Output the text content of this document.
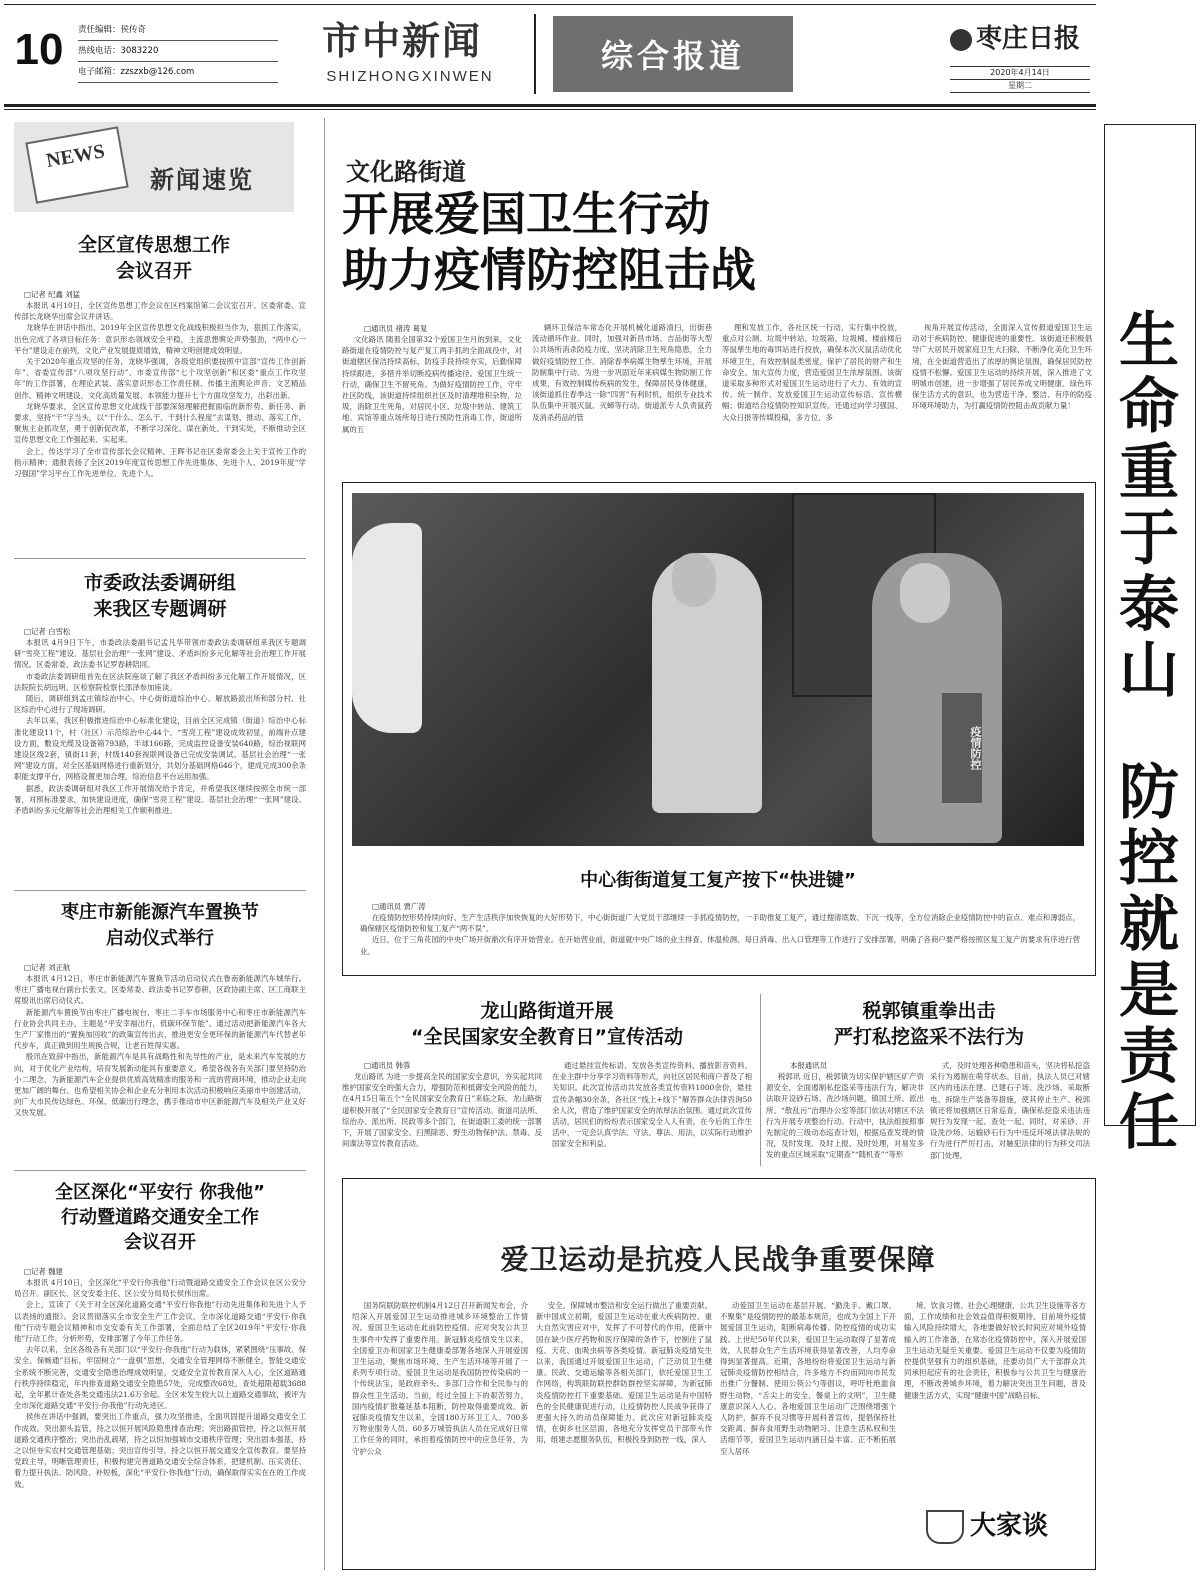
10	责任编辑：侯传奇
热线电话：3083220
电子邮箱：zzszxb@126.com
市中新闻
SHIZHONGXINWEN
综合报道	枣庄日报
2020年4月14日
星期二
NEWS
新闻速览
全区宣传思想工作
会议召开
□记者 纪鑫 刘猛

本报讯 4月10日，全区宣传思想工作会议在区档案馆第二会议室召开。区委常委、宣传部长龙晓华出席会议并讲话。

龙晓华在讲话中指出，2019年全区宣传思想文化战线积极担当作为，狠抓工作落实，出色完成了各项目标任务：意识形态领域安全平稳，主流思想舆论声势强劲，“两中心一平台”建设走在前列，文化产业发展提质增效，精神文明创建成效明显。

关于2020年重点攻坚的任务，龙晓华强调，各级党组织要按照中宣部“宣传工作创新年”、省委宣传部“八项攻坚行动”、市委宣传部“七个攻坚创新”和区委“重点工作攻坚年”的工作部署，在理论武装、落实意识形态工作责任制、传播主流舆论声音、文艺精品创作、精神文明建设、文化高质量发展、本领能力提升七个方面攻坚发力，出彩出新。

龙晓华要求，全区宣传思想文化战线干部要深刻理解把握面临的新形势、新任务、新要求，坚持“干”字当头，以“干什么、怎么干、干到什么程度”去谋划、推动、落实工作，聚焦主业抓攻坚，勇于创新促改革，不断学习深化、谋在新处、干到实处，不断推动全区宣传思想文化工作强起来、实起来。

会上，传达学习了全市宣传部长会议精神、王晖书记在区委常委会上关于宣传工作的指示精神；通报表扬了全区2019年度宣传思想工作先进集体、先进个人、2019年度“学习强国”学习平台工作先进单位、先进个人。

市委政法委调研组
来我区专题调研
□记者 白雪松

本报讯 4月9日下午，市委政法委副书记孟凡华带领市委政法委调研组来我区专题调研“雪亮工程”建设、基层社会治理“一张网”建设、矛盾纠纷多元化解等社会治理工作开展情况。区委常委、政法委书记罗春耕陪同。

市委政法委调研组首先在区法院座谈了解了我区矛盾纠纷多元化解工作开展情况，区法院院长胡远明、区检察院检察长邵泽参加座谈。

随后，调研组到孟庄镇综治中心、中心街街道综治中心、解放路派出所和部分村、社区综治中心进行了现场调研。

去年以来，我区积极推进综治中心标准化建设，目前全区完成镇（街道）综治中心标准化建设11个，村（社区）示范综治中心44个。“雪亮工程”建设成效初显，前端补点建设方面，數设光缆及设备箱793路，半球166路，完成监控设备安装640路，综治视联网建设区级2套，镇街11套，村级140套视联网设备已完成安装调试。基层社会治理“一张网”建设方面，对全区基础网格进行重新划分，共划分基础网格646个，建成完成300余条职能支撑平台，网格设置更加合理，综治信息平台运用加强。

据悉，政法委调研组对我区工作开展情况给予肯定，并希望我区继续按照全市统一部署，对照标准要求，加快建设进度，确保“雪亮工程”建设、基层社会治理“一张网”建设、矛盾纠纷多元化解等社会治理相关工作顺利推进。

枣庄市新能源汽车置换节
启动仪式举行
□记者 刘正航

本报讯 4月12日，枣庄市新能源汽车置换节活动启动仪式在鲁南新能源汽车城举行。枣庄广播电视台副台长张文，区委常委、政法委书记罗春耕，区政协副主席、区工商联主席殷讯出席启动仪式。

新能源汽车置换节由枣庄广播电视台、枣庄二手车市场服务中心和枣庄市新能源汽车行业协会共同主办，主题是“平安幸福出行，低碳环保节能”。通过活动把新能源汽车各大生产厂家推出的“置换加回收”的政策宣传出去，推进更安全更环保的新能源汽车代替老年代步车，真正做到用生规换合规，让老百姓得实惠。

殷讯在致辞中指出，新能源汽车是具有战略性和先导性的产业，是未来汽车发展的方向，对于优化产业结构，培育发展新动能具有重要意义。希望各级各有关部门要坚持防治小二理念，为新能源汽车企业提供优质高效精准的服务和一流的营商环境，推动企业走向更加广阔的舞台。也希望相关协会和企业充分利用本次活动积极响应美丽市中创建活动，向广大市民传达绿色、环保、低碳出行理念，携手推动市中区新能源汽车及相关产业又好又快发展。

全区深化“平安行 你我他”
行动暨道路交通安全工作
会议召开
□记者 魏建

本报讯 4月10日，全区深化“平安行你我他”行动暨道路交通安全工作会议在区公安分局召开。副区长、区交安委主任、区公安分局局长侯伟出席。

会上，宣读了《关于对全区深化道路交通“平安行你我他”行动先进集体和先进个人予以表扬的通报》。会议贯彻落实全市安全生产工作会议、全市深化道路交通“平安行·你我他”行动专题会议精神和市交安委有关工作部署，全面总结了全区2019年“平安行·你我他”行动工作，分析形势，安排部署了今年工作任务。

去年以来，全区各级各有关部门以“平安行·你我他”行动为载体，紧紧围绕“压事故、保安全、保畅通”目标，牢固树立“一盘棋”思想，交通安全管理网络不断健全，智能交通安全系统不断完善，交通安全隐患治理成效明显，交通安全宣传教育深入人心，全区道路通行秩序持续稳定，年内排查道路交通安全隐患57处，完成整改68处，查处超限超载3688起，全年累计查处各类交通违法21.6万余起。全区未发生较大以上道路交通事故，被评为全市深化道路交通“平安行·你我他”行动先进区。

侯伟在讲话中强调，要突出工作重点，强力攻坚推进，全面巩固提升道路交通安全工作成效。突出源头监管，持之以恒开展风险隐患排查治理；突出路面管控，持之以恒开展道路交通秩序整治；突出治乱疏堵，持之以恒加强城市交通秩序管理；突出固本强基，持之以恒夯实农村交通管理基础；突出宣传引导，持之以恒开展交通安全宣传教育。要坚持党政主导，明晰管理责任，积极构建完善道路交通安全综合体系，把建机制、压实责任、着力提升执法、防风险、补短板，深化“平安行·你我他”行动，确保取得实实在在的工作成效。

文化路街道
开展爱国卫生行动
助力疫情防控阻击战
□通讯员 褚涛 葛复

文化路讯 随着全国第32个爱国卫生月的到来，文化路街道在疫情防控与复产复工两手抓的全面战役中，对街道辖区保洁持续高标，防疫手段持续夯实，后勤保障持续跟进，多措并举切断疫病传播途径。爱国卫生统一行动，确保卫生不留死角。为做好疫情防控工作，守牢社区防线，该街道持续组织社区及时清理堆积杂物、垃圾，消除卫生死角，对居民小区、垃圾中转站、建筑工地、宾馆等重点场所每日进行预防性消毒工作，街道所属的五

辆环卫保洁车常态化开展机械化道路清扫，出街巷流动循环作业。同时，加强对新昌市场、吉品街等大型公共场所消杀防疫力度，坚决消除卫生死角隐患，全力做好疫情防控工作。消除春季病媒生物孳生环境，开展防制集中行动。为进一步巩固近年来病媒生物防制工作成果，有效控制媒传疾病的发生，保障居民身体健康，该街道抓住春季这一除“四害”有利时机，组织专业技术队伍集中开展灭鼠、灭蟑等行动。街道派专人负责鼠药及消杀药品的管

理和发放工作，各社区统一行动，实行集中投放，重点对公厕、垃圾中转站、垃圾箱、垃圾桶、楼前楼后等鼠孳生地的毒饵站进行投放，确保本次灭鼠活动优化环境卫生，有效控制鼠类密度，保护了居民的财产和生命安全。加大宣传力度，营造爱国卫生浓厚氛围。该街道采取多种形式对爱国卫生运动进行了大力、有效的宣传。统一制作、发放爱国卫生运动宣传标语、宣传横幅；街道结合疫情防控知识宣传。还通过向学习强国、大众日报等传媒投稿，多方位、多

视角开展宣传活动，全面深入宣传报道爱国卫生运动对于疾病防控、健康促进的重要性。该街道还积极倡导广大居民开展家庭卫生大扫除，不断净化美化卫生环境，在全街道营造出了浓厚的舆论氛围，确保居民防控疫情不松懈。爱国卫生运动的持续开展，深入推进了文明城市创建，进一步增强了居民养成文明健康、绿色环保生活方式的意识，也为营造干净、整洁、有序的防疫环境环境助力，为打赢疫情防控阻击战贡献力量！

疫情防控
中心街街道复工复产按下“快进键”
□通讯员 贾广涛

在疫情防控形势持续向好、生产生活秩序加快恢复的大好形势下，中心街街道广大党员干部继续一手抓疫情防控，一手助推复工复产，通过搜清底数、下沉一线等，全方位消除企业疫情防控中的盲点、难点和薄弱点，确保辖区疫情防控和复工复产“两不误”。

近日，位于三角花园的中央广场开街渐次有序开始营业。在开始营业前，街道就中央广场的业主排查、体温检测、每日消毒、出入口管理等工作进行了安排部署，明确了各商户要严格按照区复工复产的要求有序进行营业。

龙山路街道开展
“全民国家安全教育日”宣传活动
□通讯员 韩蓉

龙山路讯 为进一步提高全民的国家安全意识，夯实起共同维护国家安全的强大合力，增强防范和抵御安全风险的能力，在4月15日第五个“全民国家安全教育日”来临之际，龙山路街道积极开展了“全民国家安全教育日”宣传活动。街道司法所、综治办、派出所、民政等多个部门，在街道职工委的统一部署下，开展了国家安全、扫黑除恶、野生动物保护法、禁毒、反间谍法等宣传教育活动。

通过悬挂宣传标语、发放各类宣传资料、播放影音资料、在业主群中分享学习资料等形式，向社区居民和商户普及了相关知识。此次宣传活动共发放各类宣传资料1000余份，悬挂宣传条幅30余条，各社区“线上+线下”解答群众法律咨询50余人次，营造了维护国家安全的浓厚法治氛围。通过此次宣传活动，居民们的纷纷表示国家安全人人有责，在今后的工作生活中，一定会认真学法、守法、尊法、用法，以实际行动维护国家安全和利益。

税郭镇重拳出击
严打私挖盗采不法行为
本报通讯员

税郭讯 近日，税郭镇为切实保护辖区矿产资源安全，全面遏制私挖盗采等违法行为，解决非法取开设砂石场、洗沙场问题，镇国土所、派出所、“散乱污”治理办公室等部门依法对辖区不法行为开展专项整治行动。行动中，执法组按照事先制定的三级动态巡查计划，根据巡查发现的情况，及时发现、及时上报、及时处理，对易发多发的重点区域采取“定期查”“随机查”“等形

式，及时处理各种隐患和苗头，坚决将私挖盗采行为遏制在萌芽状态。目前，执法人员已对辖区内的违法在建、已建石子场、洗沙场、采取断电、拆除生产装备等措施，使其停止生产。税郭镇还将加强辖区日常巡查，确保私挖盗采违法违规行为发现一起、查处一起。同时，对采砂、开设洗沙场、运输砂石行为中违反环境法律法规的行为进行严厉打击，对触犯法律的行为移交司法部门处理。

爱卫运动是抗疫人民战争重要保障

国务院联防联控机制4月12日召开新闻发布会，介绍深入开展爱国卫生运动推进城乡环境整治工作情况。爱国卫生运动在此前防控疫情、应对突发公共卫生事件中发挥了重要作用。新冠肺炎疫情发生以来，全国爱卫办和国家卫生健康委部署各地深入开展爱国卫生运动，聚焦市场环境、生产生活环境等开展了一系列专项行动。爱国卫生运动是我国防控传染病的一个传统法宝，是政府牵头、多部门合作和全民参与的群众性卫生活动。当前，经过全国上下的艰苦努力，国内疫情扩散蔓延基本阻断，防控取得重要成效。新冠肺炎疫情发生以来，全国180万环卫工人、700多万物业服务人员、60多万城管执法人员在完成好日常工作任务的同时，承担着疫情防控中的应急任务，为守护公众

安全、保障城市整洁和安全运行做出了重要贡献。新中国成立初期，爱国卫生运动在重大疾病防控、重大自然灾害应对中，发挥了不可替代的作用，使新中国在缺少医疗药物和医疗保障的条件下，控制住了鼠疫、天花、血吸虫病等各类疫情。新冠肺炎疫情发生以来，我国通过开展爱国卫生运动，广泛动员卫生健康、民政、交通运输等各相关部门，依托爱国卫生工作网络，构筑联防联控群防群控坚实屏障，为新冠肺炎疫情防控打下重要基础。爱国卫生运动是有中国特色的全民健康促进行动，让疫情防控人民战争获得了更强大持久的动员保障能力。此次应对新冠肺炎疫情，在街乡社区层面，各地充分发挥党员干部带头作用，组建志愿服务队伍，积极投身到防控一线，深入

动爱国卫生运动在基层开展。“勤洗手、戴口罩、不聚集”是疫情防控的最基本规范，也成为全国上下开展爱国卫生运动，阻断病毒传播、防控疫情的成功实践。上世纪50年代以来，爱国卫生运动取得了显著成效，人民群众生产生活环境获得显著改善，人均寿命得到显著提高。近期，各地纷纷将爱国卫生运动与新冠肺炎疫情防控相结合，许多地方不约而同向市民发出推广分餐制、使用公筷公勺等倡议，呼吁杜绝滥食野生动物，“舌尖上的安全、餐桌上的文明”，卫生健康意识深入人心。各地爱国卫生运动广泛围绕增强个人防护，摒弃不良习惯等开展科普宣传，提倡保持社交距离、摒弃食用野生动物陋习、注意生活私权和生活细节等，爱国卫生运动内涵日益丰富、正不断拓展至人居环

境、饮食习惯、社会心理健康、公共卫生设施等各方面，工作成绩和社会效益值得积极期待。目前境外疫情输入风险持续增大，各地要做好较长时间应对境外疫情输入的工作准备，在常态化疫情防控中，深入开展爱国卫生运动无疑至关重要。爱国卫生运动不仅要为疫情防控提供坚强有力的组织基础，还要动员广大干部群众共同承担起应有的社会责任，积极参与公共卫生与健康治理，不断改善城乡环境，着力解决突出卫生问题，普及健康生活方式，实现“健康中国”战略目标。

大家谈
生命重于泰山
防控就是责任
